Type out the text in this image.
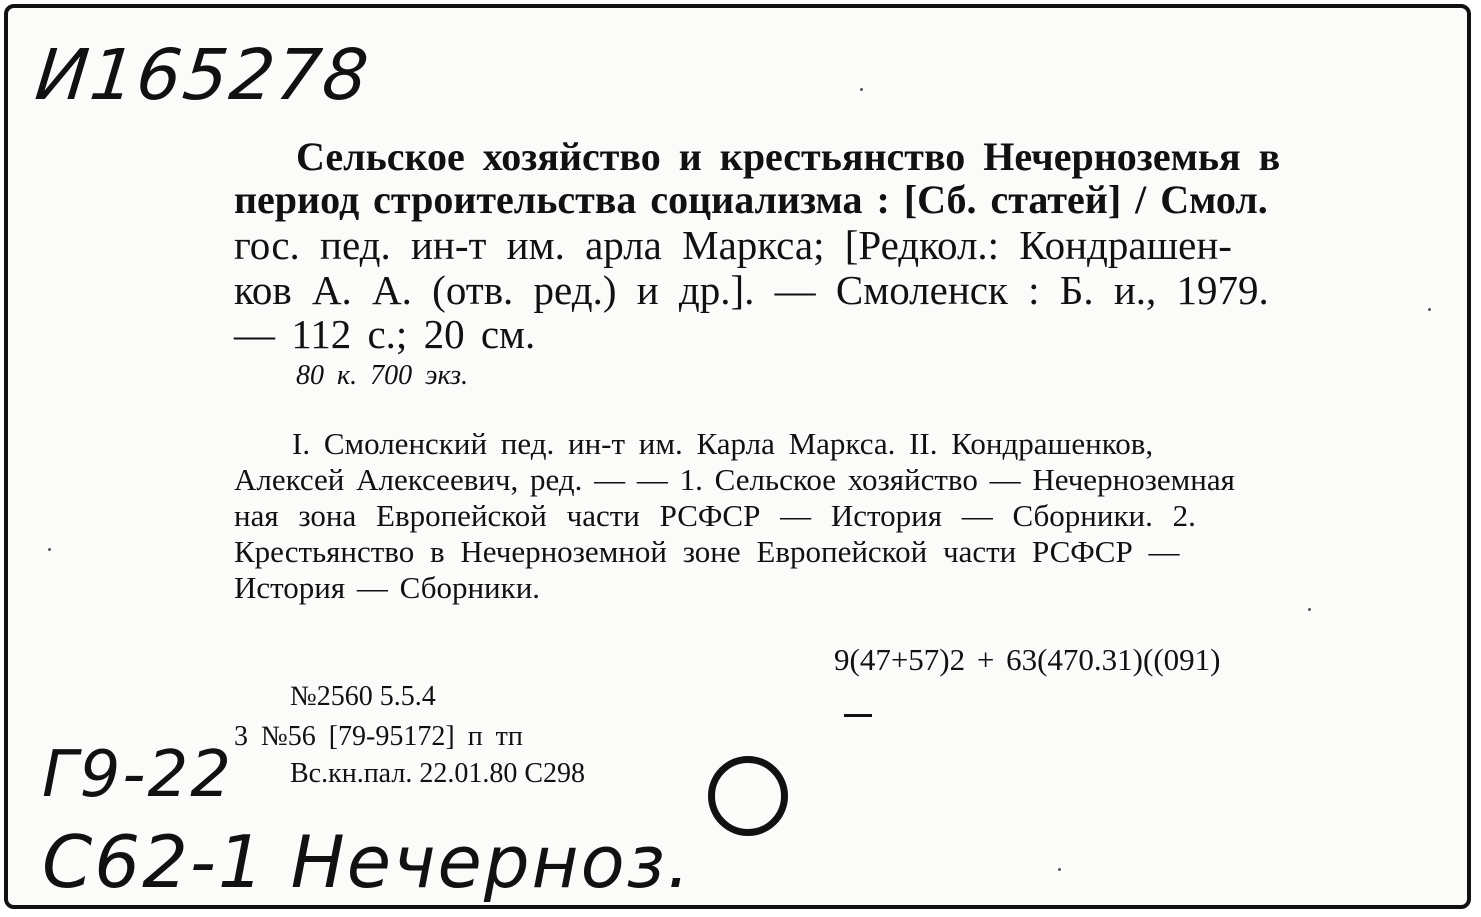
И165278
Сельское хозяйство и крестьянство Нечерноземья в
период строительства социализма : [Сб. статей] / Смол.
гос. пед. ин-т им. арла Маркса; [Редкол.: Кондрашен-
ков А. А. (отв. ред.) и др.]. — Смоленск : Б. и., 1979.
— 112 с.; 20 см.
80 к. 700 экз.
I. Смоленский пед. ин-т им. Карла Маркса. II. Кондрашенков,
Алексей Алексеевич, ред. — — 1. Сельское хозяйство — Нечерноземная
ная зона Европейской части РСФСР — История — Сборники. 2.
Крестьянство в Нечерноземной зоне Европейской части РСФСР —
История — Сборники.
9(47+57)2 + 63(470.31)((091)
№2560 5.5.4
3 №56 [79-95172] п тп
Вс.кн.пал. 22.01.80 С298
Г9-22
С62-1 Нечерноз.
